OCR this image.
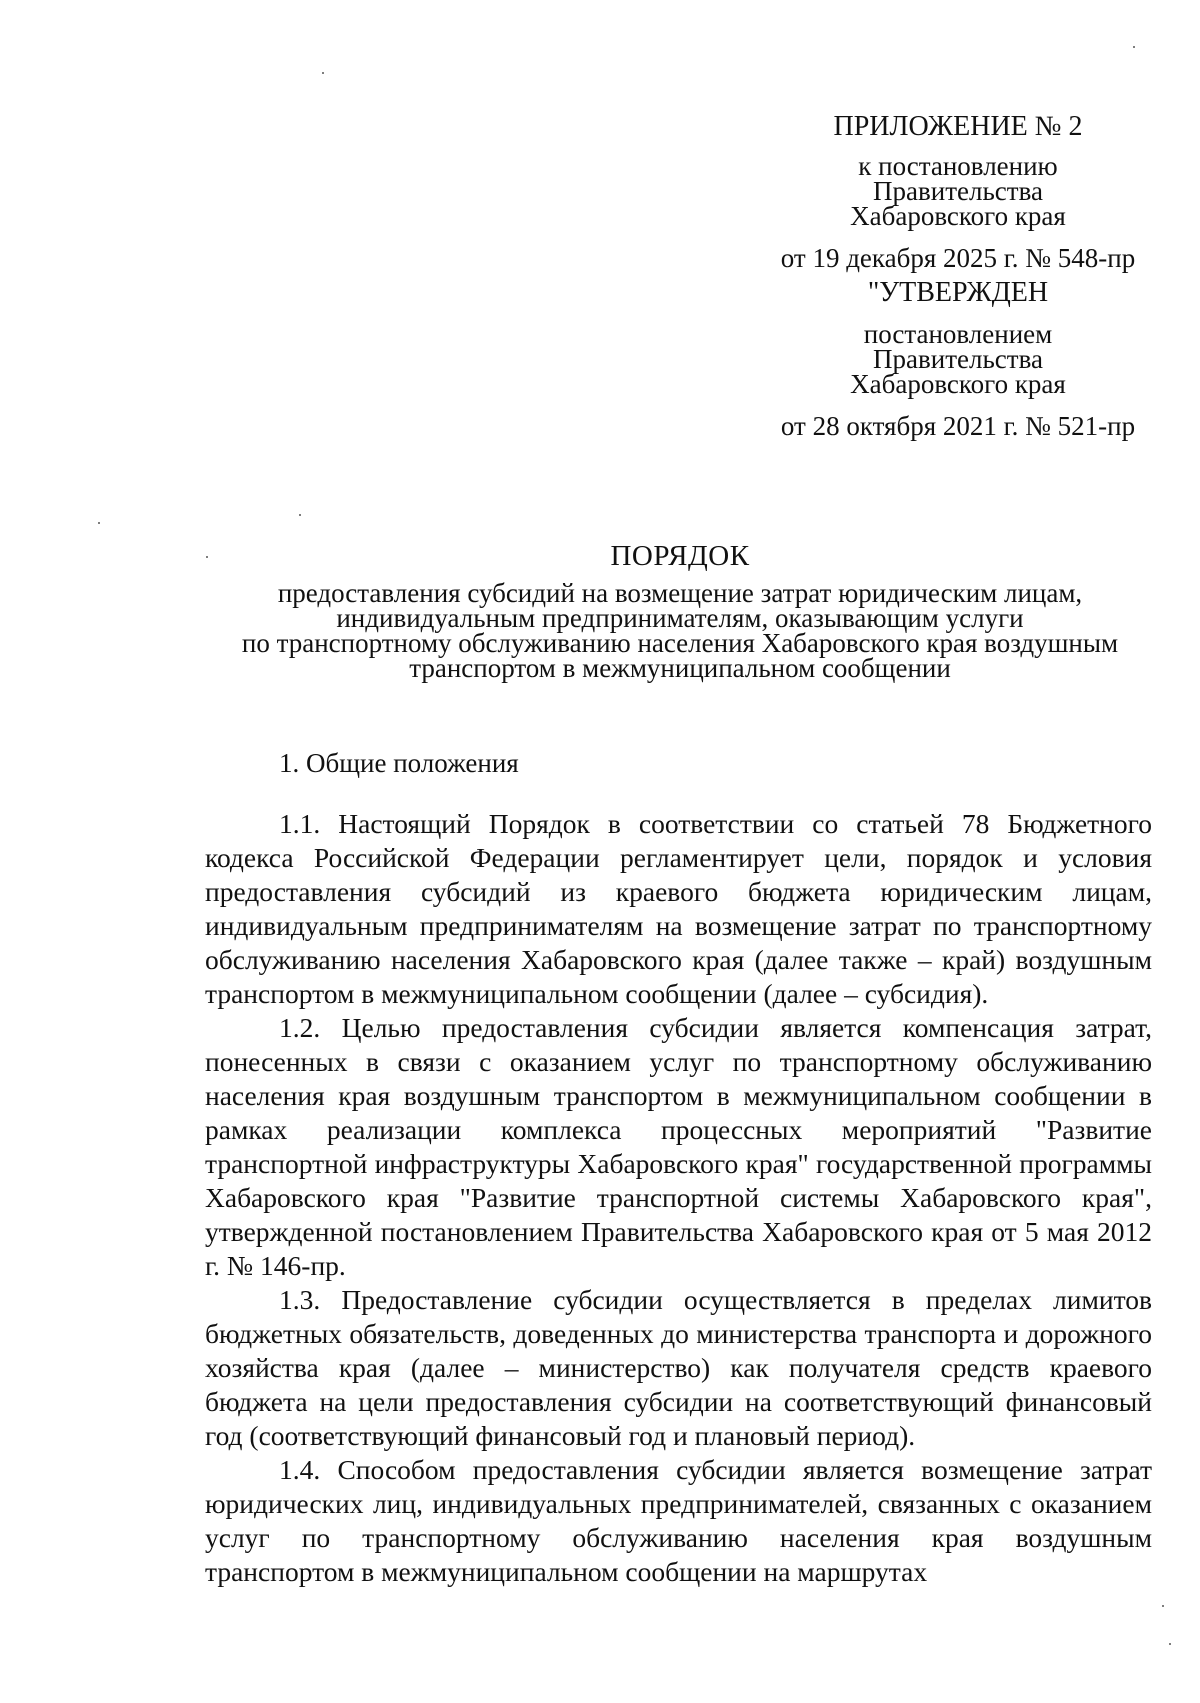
ПРИЛОЖЕНИЕ № 2
к постановлению
Правительства
Хабаровского края
от 19 декабря 2025 г. № 548-пр
"УТВЕРЖДЕН
постановлением
Правительства
Хабаровского края
от 28 октября 2021 г. № 521-пр
ПОРЯДОК
предоставления субсидий на возмещение затрат юридическим лицам,
индивидуальным предпринимателям, оказывающим услуги
по транспортному обслуживанию населения Хабаровского края воздушным
транспортом в межмуниципальном сообщении
1. Общие положения

1.1. Настоящий Порядок в соответствии со статьей 78 Бюджетного кодекса Российской Федерации регламентирует цели, порядок и условия предоставления субсидий из краевого бюджета юридическим лицам, индивидуальным предпринимателям на возмещение затрат по транспортному обслуживанию населения Хабаровского края (далее также – край) воздушным транспортом в межмуниципальном сообщении (далее – субсидия).

1.2. Целью предоставления субсидии является компенсация затрат, понесенных в связи с оказанием услуг по транспортному обслуживанию населения края воздушным транспортом в межмуниципальном сообщении в рамках реализации комплекса процессных мероприятий "Развитие транспортной инфраструктуры Хабаровского края" государственной программы Хабаровского края "Развитие транспортной системы Хабаровского края", утвержденной постановлением Правительства Хабаровского края от 5 мая 2012 г. № 146-пр.

1.3. Предоставление субсидии осуществляется в пределах лимитов бюджетных обязательств, доведенных до министерства транспорта и дорожного хозяйства края (далее – министерство) как получателя средств краевого бюджета на цели предоставления субсидии на соответствующий финансовый год (соответствующий финансовый год и плановый период).

1.4. Способом предоставления субсидии является возмещение затрат юридических лиц, индивидуальных предпринимателей, связанных с оказанием услуг по транспортному обслуживанию населения края воздушным транспортом в межмуниципальном сообщении на маршрутах
